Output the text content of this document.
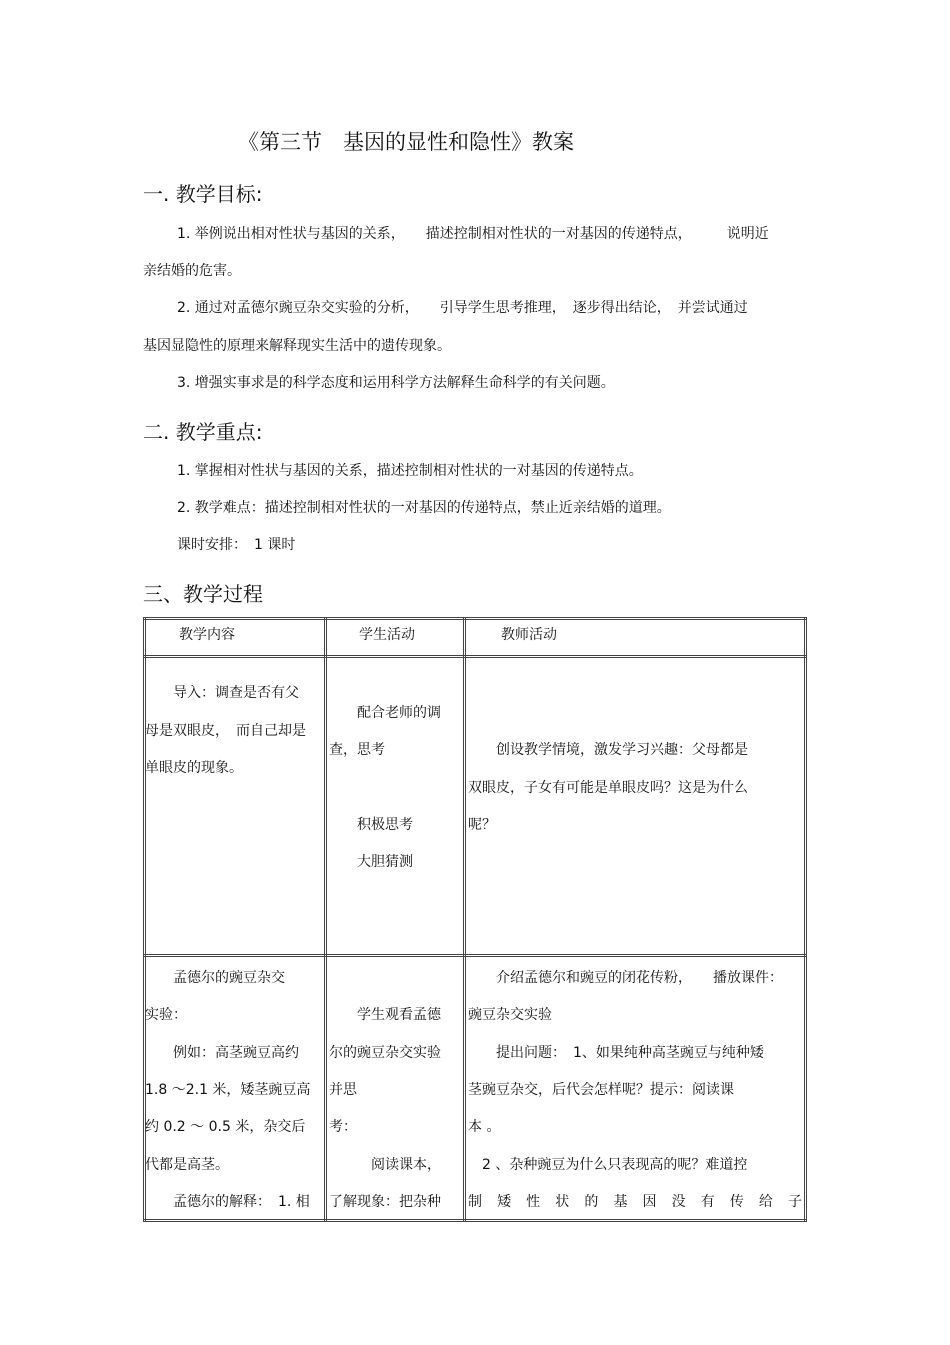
《第三节　基因的显性和隐性》教案
一. 教学目标:
1. 举例说出相对性状与基因的关系，　　描述控制相对性状的一对基因的传递特点，　　　说明近
亲结婚的危害。
2. 通过对孟德尔豌豆杂交实验的分析，　　引导学生思考推理，　逐步得出结论，　并尝试通过
基因显隐性的原理来解释现实生活中的遗传现象。
3. 增强实事求是的科学态度和运用科学方法解释生命科学的有关问题。
二. 教学重点:
1. 掌握相对性状与基因的关系，描述控制相对性状的一对基因的传递特点。
2. 教学难点：描述控制相对性状的一对基因的传递特点，禁止近亲结婚的道理。
课时安排：　1 课时
三、教学过程
教学内容	学生活动	教师活动
　　导入：调查是否有父
母是双眼皮，　而自己却是
单眼皮的现象。
　　配合老师的调
查，思考
　　积极思考
　　大胆猜测
　　创设教学情境，激发学习兴趣：父母都是
双眼皮，子女有可能是单眼皮吗？这是为什么
呢？
　　孟德尔的豌豆杂交
实验：
　　例如：高茎豌豆高约
1.8 ～2.1 米，矮茎豌豆高
约 0.2 ～ 0.5 米，杂交后
代都是高茎。
　　孟德尔的解释：　1. 相
　　学生观看孟德
尔的豌豆杂交实验
并思
考：
　　　阅读课本，
了解现象：把杂种
　　介绍孟德尔和豌豆的闭花传粉，　　播放课件：
豌豆杂交实验
　　提出问题：　1、如果纯种高茎豌豆与纯种矮
茎豌豆杂交，后代会怎样呢？提示：阅读课
本 。
　2 、杂种豌豆为什么只表现高的呢？难道控
制矮性状的基因没有传给子
